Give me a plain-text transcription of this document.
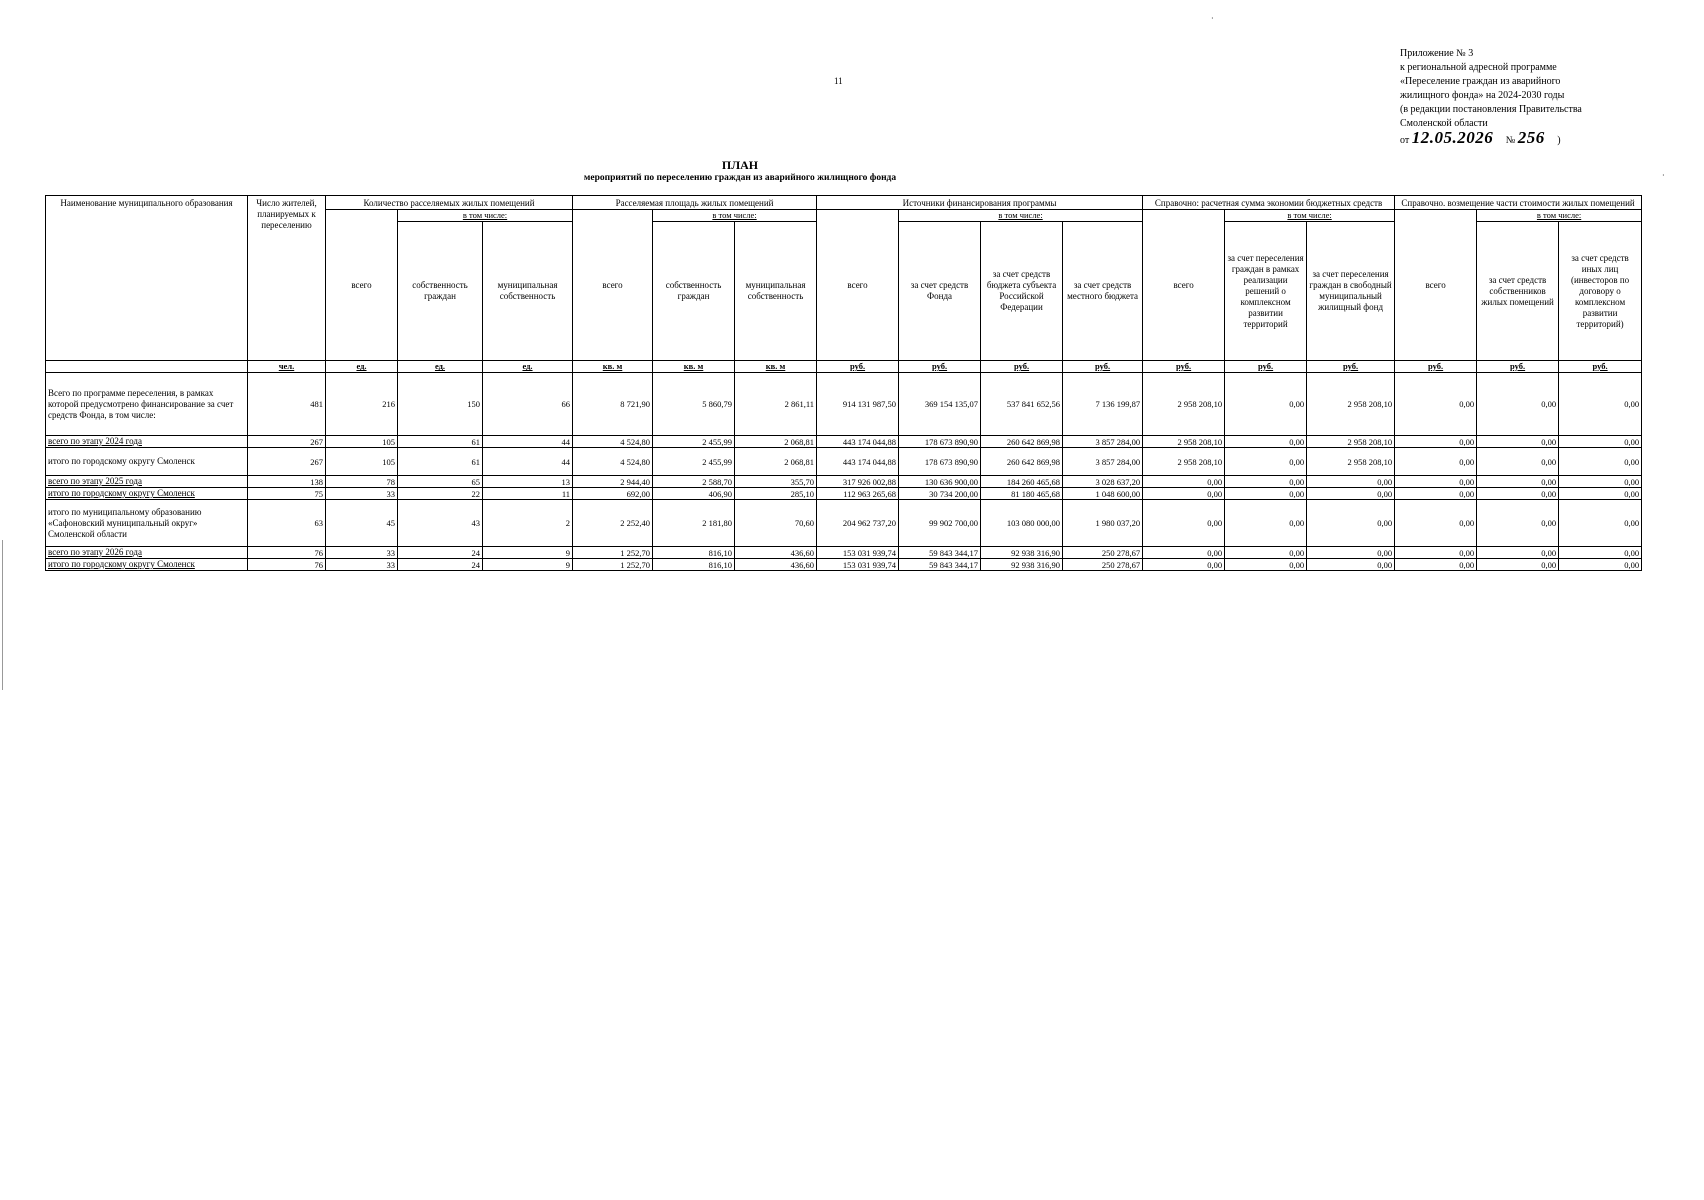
11
·
·
Приложение № 3
к региональной адресной программе
«Переселение граждан из аварийного
жилищного фонда» на 2024-2030 годы
(в редакции постановления Правительства
Смоленской области
от 12.05.2026 № 256 )
ПЛАН
мероприятий по переселению граждан из аварийного жилищного фонда
Наименование муниципального образования	Число жителей, планируемых к переселению	Количество расселяемых жилых помещений			Расселяемая площадь жилых помещений			Источники финансирования программы				Справочно: расчетная сумма экономии бюджетных средств			Справочно. возмещение части стоимости жилых помещений		
		всего	в том числе:		всего	в том числе:		всего	в том числе:			всего	в том числе:		всего	в том числе:	
			собственность граждан	муниципальная собственность		собственность граждан	муниципальная собственность		за счет средств Фонда	за счет средств бюджета субъекта Российской Федерации	за счет средств местного бюджета		за счет переселения граждан в рамках реализации решений о комплексном развитии территорий	за счет переселения граждан в свободный муниципальный жилищный фонд		за счет средств собственников жилых помещений	за счет средств иных лиц (инвесторов по договору о комплексном развитии территорий)
	чел.	ед.	ед.	ед.	кв. м	кв. м	кв. м	руб.	руб.	руб.	руб.	руб.	руб.	руб.	руб.	руб.	руб.
Всего по программе переселения, в рамках которой предусмотрено финансирование за счет средств Фонда, в том числе:	481	216	150	66	8 721,90	5 860,79	2 861,11	914 131 987,50	369 154 135,07	537 841 652,56	7 136 199,87	2 958 208,10	0,00	2 958 208,10	0,00	0,00	0,00
всего по этапу 2024 года	267	105	61	44	4 524,80	2 455,99	2 068,81	443 174 044,88	178 673 890,90	260 642 869,98	3 857 284,00	2 958 208,10	0,00	2 958 208,10	0,00	0,00	0,00
итого по городскому округу Смоленск	267	105	61	44	4 524,80	2 455,99	2 068,81	443 174 044,88	178 673 890,90	260 642 869,98	3 857 284,00	2 958 208,10	0,00	2 958 208,10	0,00	0,00	0,00
всего по этапу 2025 года	138	78	65	13	2 944,40	2 588,70	355,70	317 926 002,88	130 636 900,00	184 260 465,68	3 028 637,20	0,00	0,00	0,00	0,00	0,00	0,00
итого по городскому округу Смоленск	75	33	22	11	692,00	406,90	285,10	112 963 265,68	30 734 200,00	81 180 465,68	1 048 600,00	0,00	0,00	0,00	0,00	0,00	0,00
итого по муниципальному образованию «Сафоновский муниципальный округ» Смоленской области	63	45	43	2	2 252,40	2 181,80	70,60	204 962 737,20	99 902 700,00	103 080 000,00	1 980 037,20	0,00	0,00	0,00	0,00	0,00	0,00
всего по этапу 2026 года	76	33	24	9	1 252,70	816,10	436,60	153 031 939,74	59 843 344,17	92 938 316,90	250 278,67	0,00	0,00	0,00	0,00	0,00	0,00
итого по городскому округу Смоленск	76	33	24	9	1 252,70	816,10	436,60	153 031 939,74	59 843 344,17	92 938 316,90	250 278,67	0,00	0,00	0,00	0,00	0,00	0,00
